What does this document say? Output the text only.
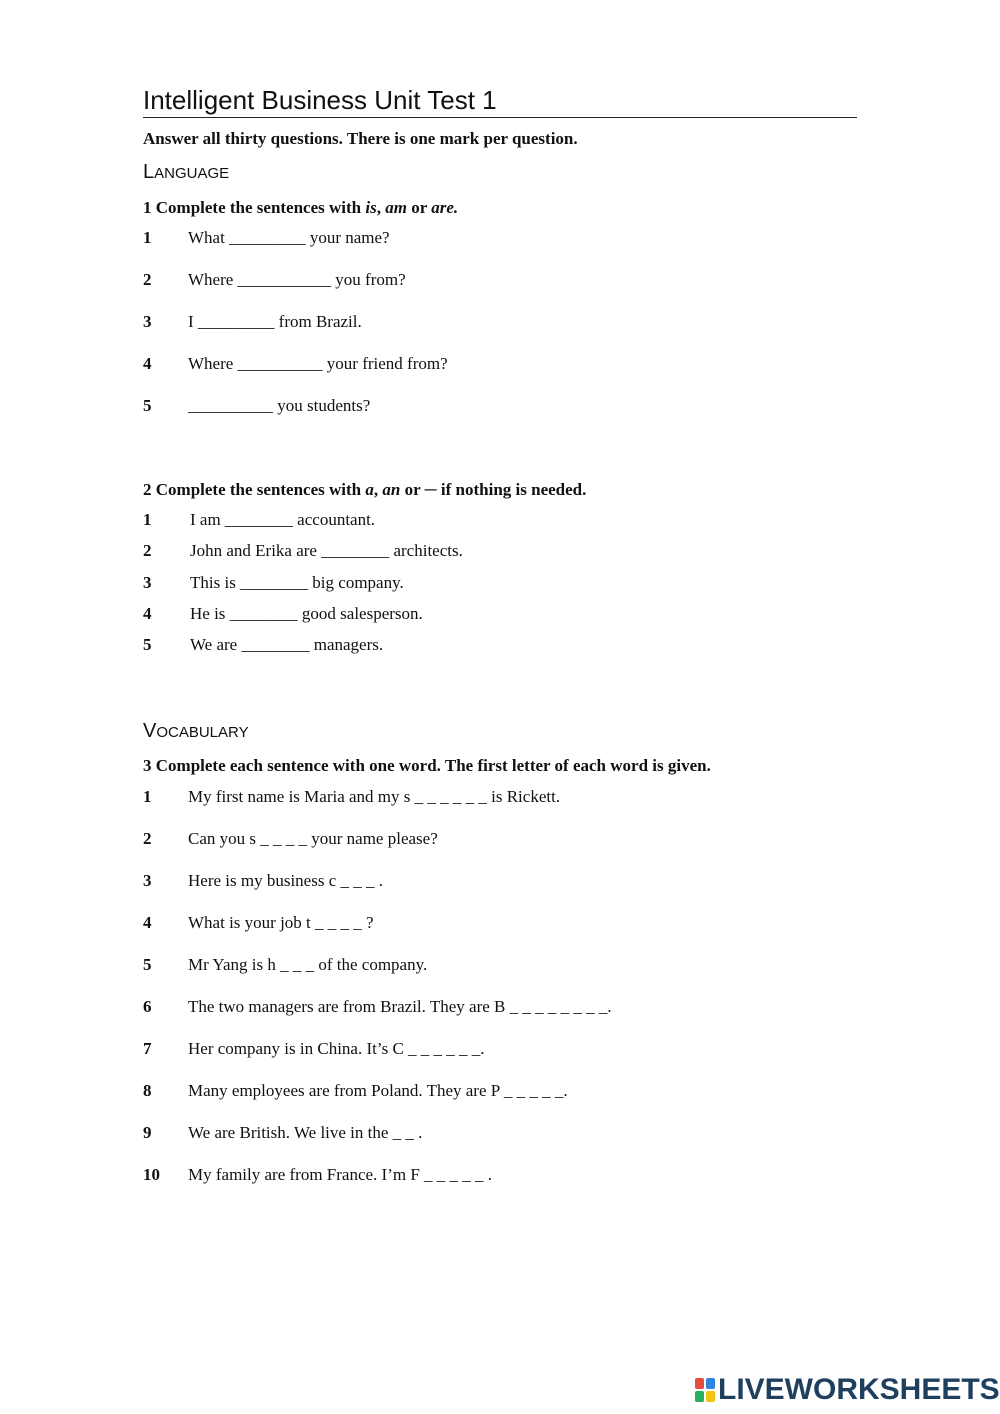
Intelligent Business Unit Test 1
Answer all thirty questions. There is one mark per question.
LANGUAGE
1 Complete the sentences with is, am or are.
1 What _________ your name?
2 Where ___________ you from?
3 I _________ from Brazil.
4 Where __________ your friend from?
5 __________ you students?
2 Complete the sentences with a, an or ─ if nothing is needed.
1 I am ________ accountant.
2 John and Erika are ________ architects.
3 This is ________ big company.
4 He is ________ good salesperson.
5 We are ________ managers.
VOCABULARY
3 Complete each sentence with one word. The first letter of each word is given.
1 My first name is Maria and my s _ _ _ _ _ _ is Rickett.
2 Can you s _ _ _ _ your name please?
3 Here is my business c _ _ _ .
4 What is your job t _ _ _ _ ?
5 Mr Yang is h _ _ _ of the company.
6 The two managers are from Brazil. They are B _ _ _ _ _ _ _ _.
7 Her company is in China. It’s C _ _ _ _ _ _.
8 Many employees are from Poland. They are P _ _ _ _ _.
9 We are British. We live in the _ _ .
10 My family are from France. I’m F _ _ _ _ _ .
LIVEWORKSHEETS
